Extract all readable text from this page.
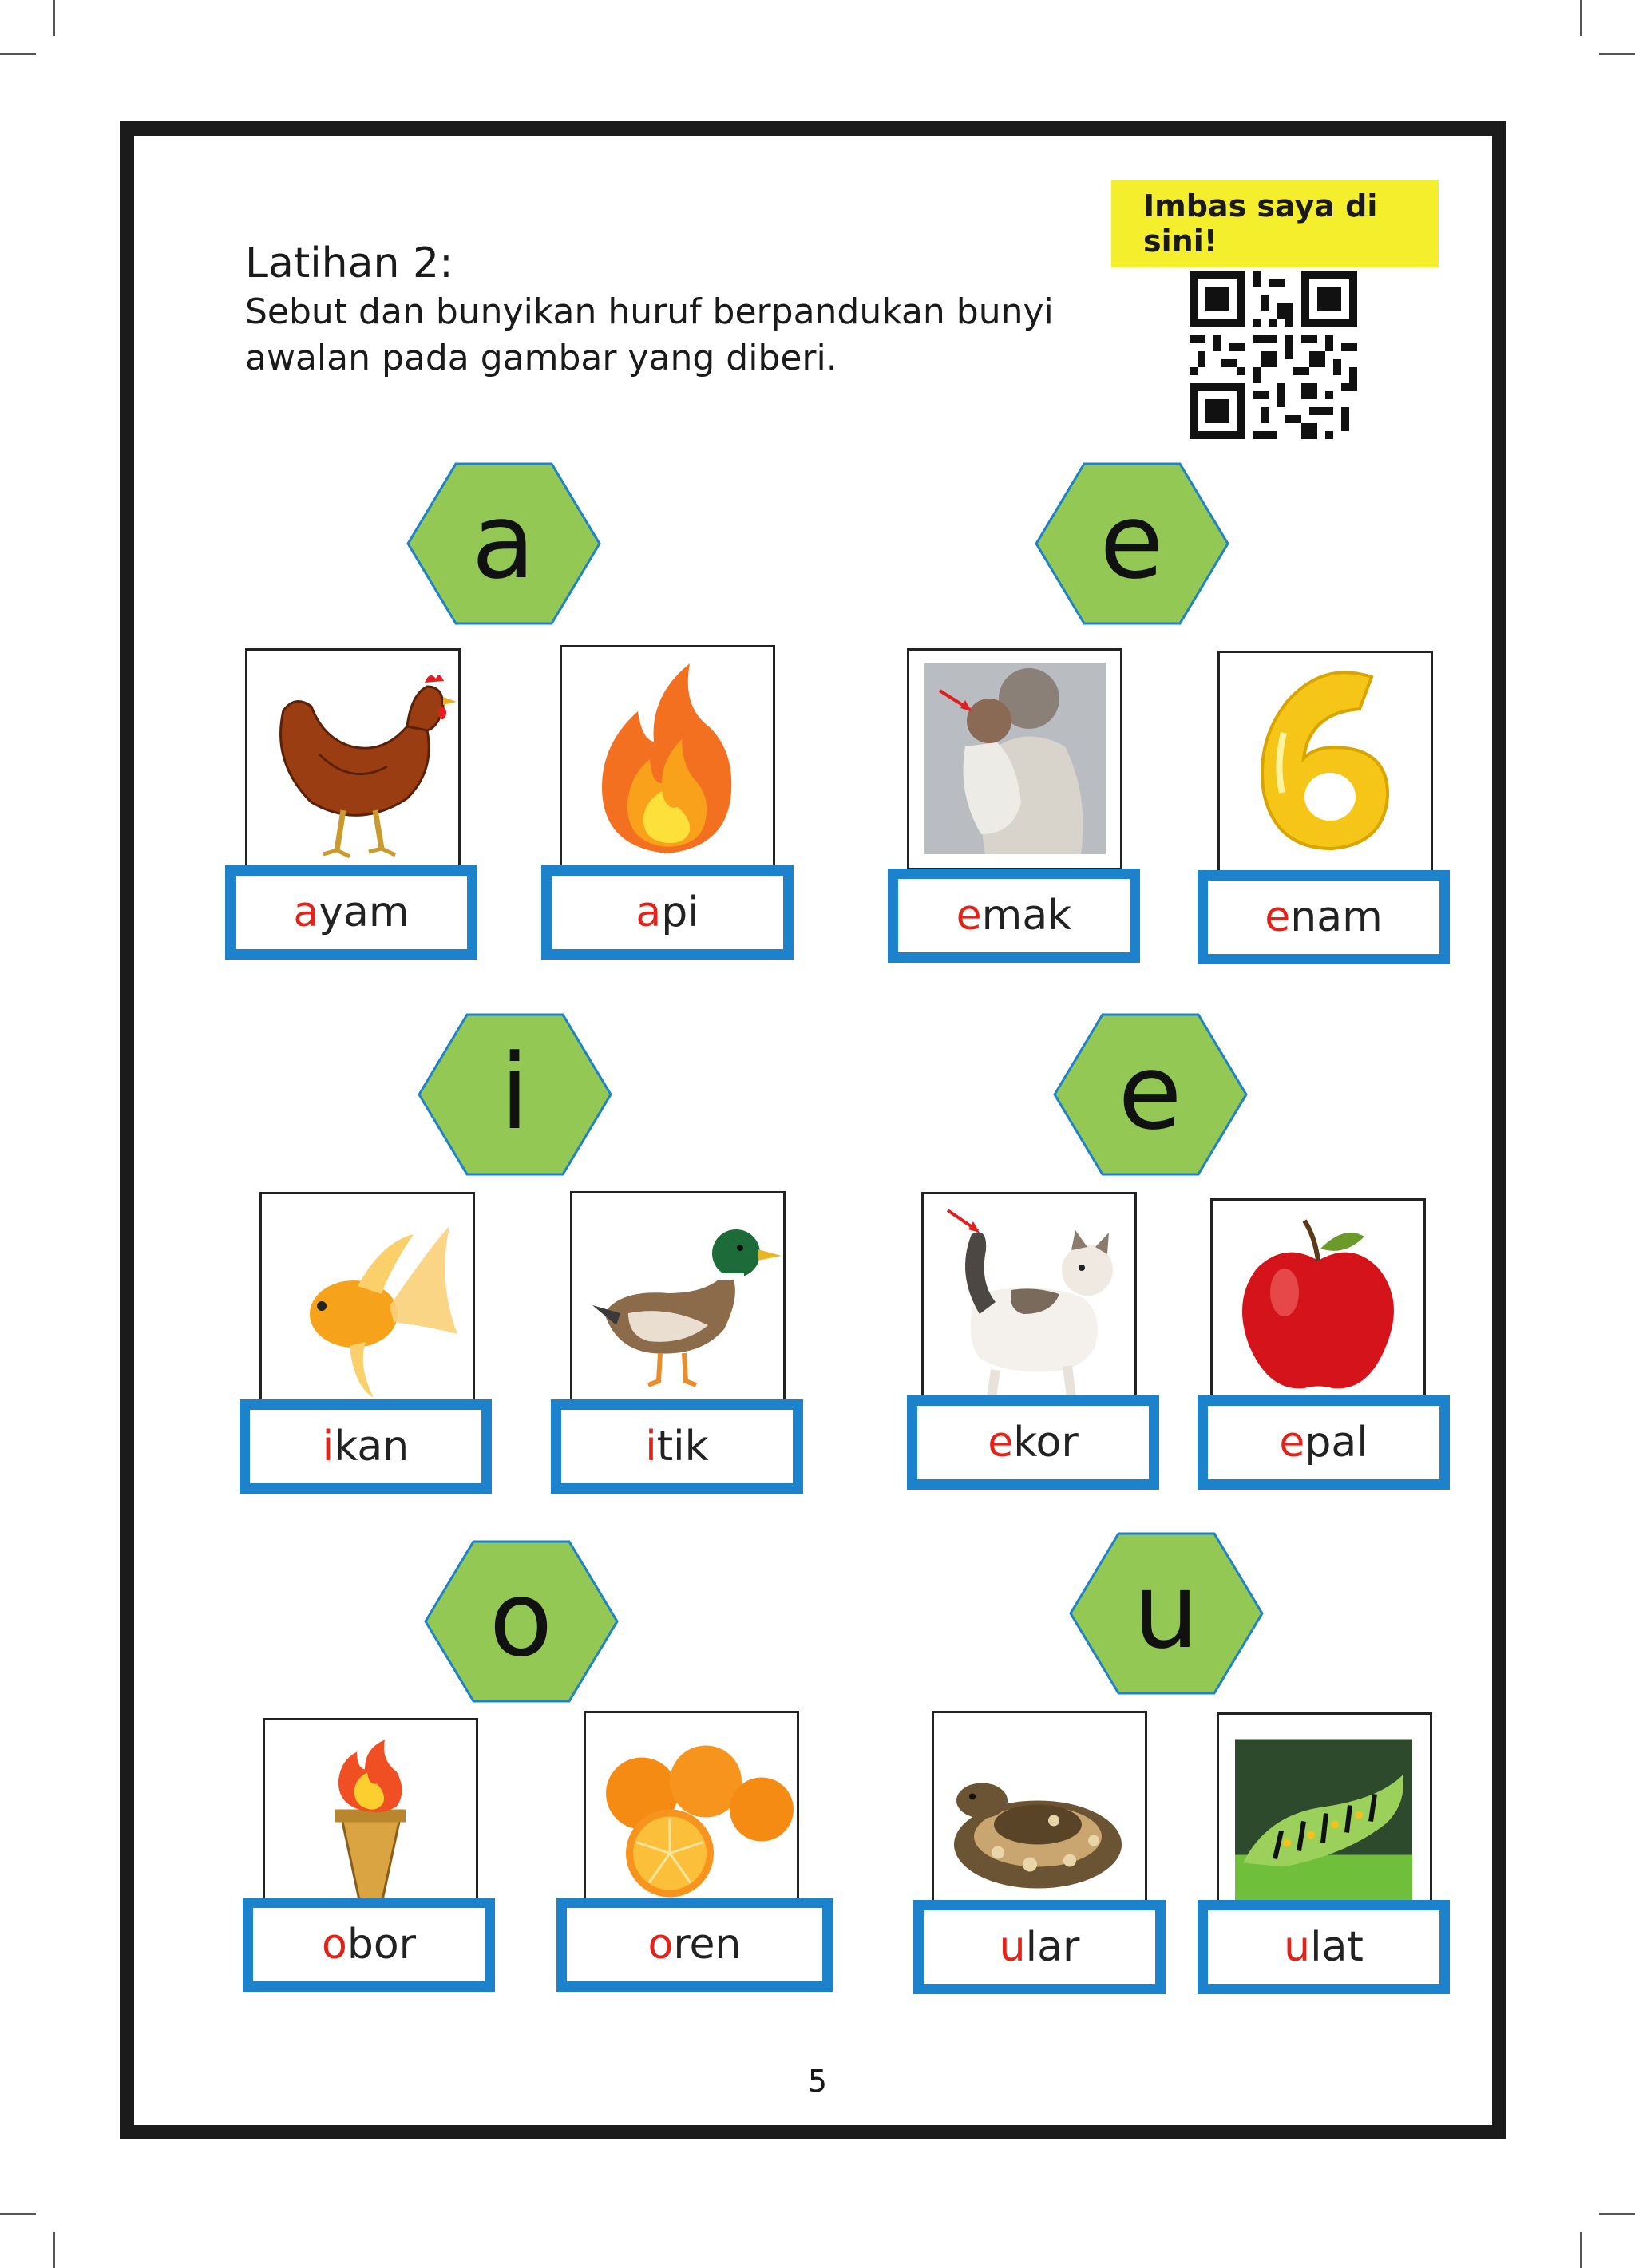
Latihan 2:
Sebut dan bunyikan huruf berpandukan bunyi
awalan pada gambar yang diberi.
Imbas saya di sini!
a
a yam	a pi
e
e mak	e nam
i
i kan	i tik
e
e kor	e pal
o
o bor	o ren
u
u lar	u lat
5
